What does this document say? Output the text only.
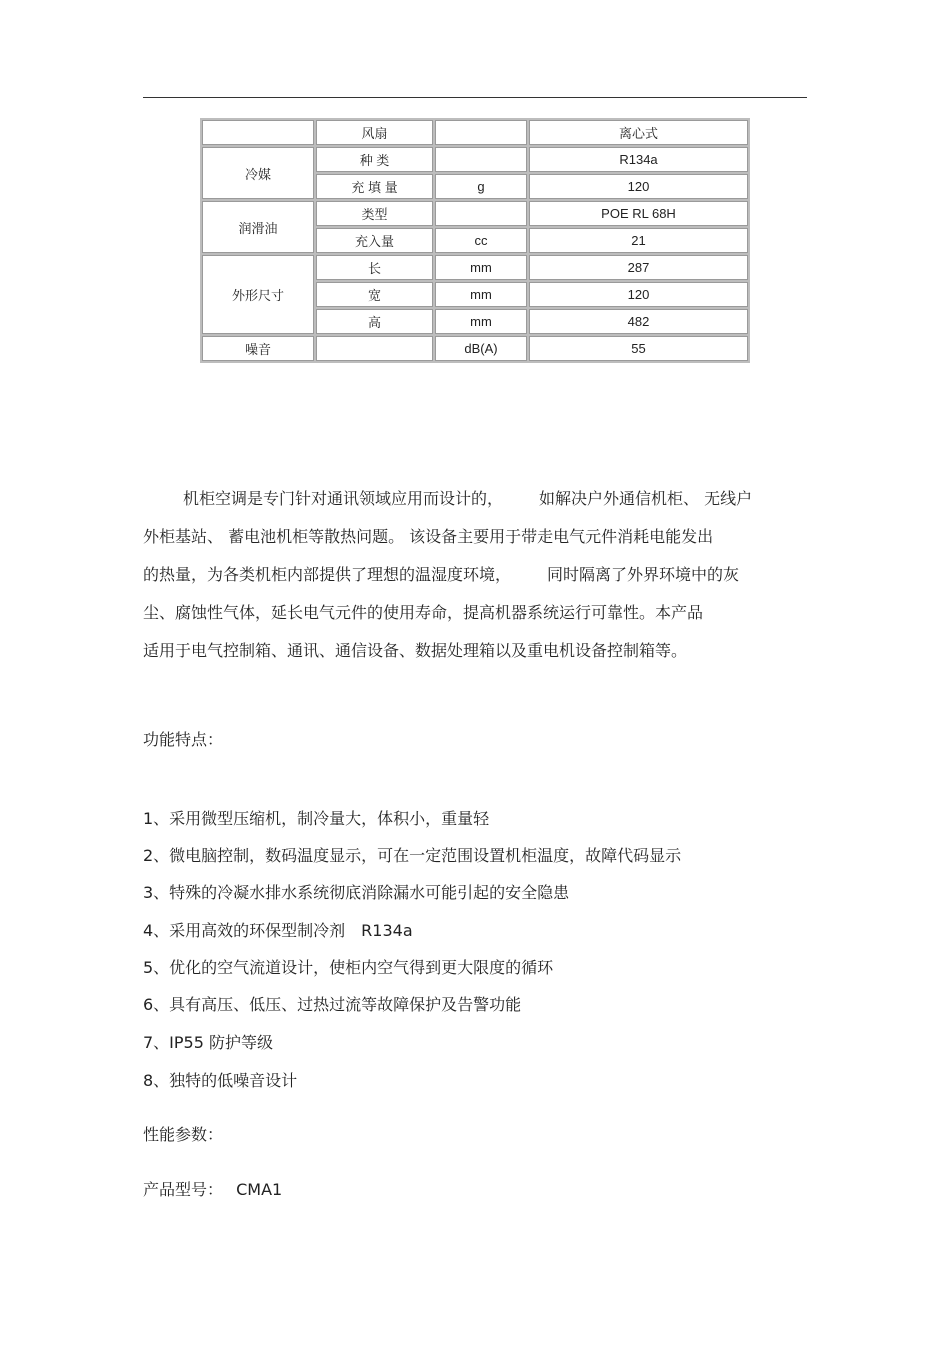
	风扇		离心式
冷媒	种 类		R134a
	充 填 量	g	120
润滑油	类型		POE RL 68H
	充入量	cc	21
外形尺寸	长	mm	287
	宽	mm	120
	高	mm	482
噪音		dB(A)	55

机柜空调是专门针对通讯领域应用而设计的， 如解决户外通信机柜、 无线户

外柜基站、 蓄电池机柜等散热问题。 该设备主要用于带走电气元件消耗电能发出

的热量，为各类机柜内部提供了理想的温湿度环境， 同时隔离了外界环境中的灰

尘、腐蚀性气体，延长电气元件的使用寿命，提高机器系统运行可靠性。本产品

适用于电气控制箱、通讯、通信设备、数据处理箱以及重电机设备控制箱等。

功能特点：
1、采用微型压缩机，制冷量大，体积小，重量轻
2、微电脑控制，数码温度显示，可在一定范围设置机柜温度，故障代码显示
3、特殊的冷凝水排水系统彻底消除漏水可能引起的安全隐患
4、采用高效的环保型制冷剂　R134a
5、优化的空气流道设计，使柜内空气得到更大限度的循环
6、具有高压、低压、过热过流等故障保护及告警功能
7、IP55 防护等级
8、独特的低噪音设计
性能参数：
产品型号： CMA1
